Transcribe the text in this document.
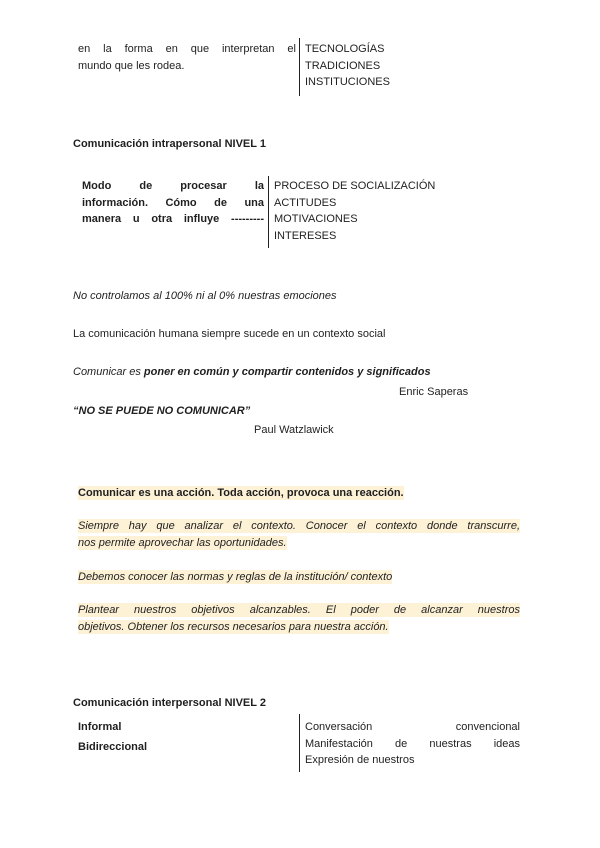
en la forma en que interpretan el
mundo que les rodea.
TECNOLOGÍAS
TRADICIONES
INSTITUCIONES
Comunicación intrapersonal NIVEL 1
Modo de procesar la
información. Cómo de una
manera u otra influye ---------
PROCESO DE SOCIALIZACIÓN
ACTITUDES
MOTIVACIONES
INTERESES
No controlamos al 100% ni al 0% nuestras emociones
La comunicación humana siempre sucede en un contexto social
Comunicar es poner en común y compartir contenidos y significados
Enric Saperas
“NO SE PUEDE NO COMUNICAR”
Paul Watzlawick
Comunicar es una acción. Toda acción, provoca una reacción.
Siempre hay que analizar el contexto. Conocer el contexto donde transcurre,
nos permite aprovechar las oportunidades.
Debemos conocer las normas y reglas de la institución/ contexto
Plantear nuestros objetivos alcanzables. El poder de alcanzar nuestros
objetivos. Obtener los recursos necesarios para nuestra acción.
Comunicación interpersonal NIVEL 2
Informal
Bidireccional
Conversación convencional
Manifestación de nuestras ideas
Expresión de nuestros
